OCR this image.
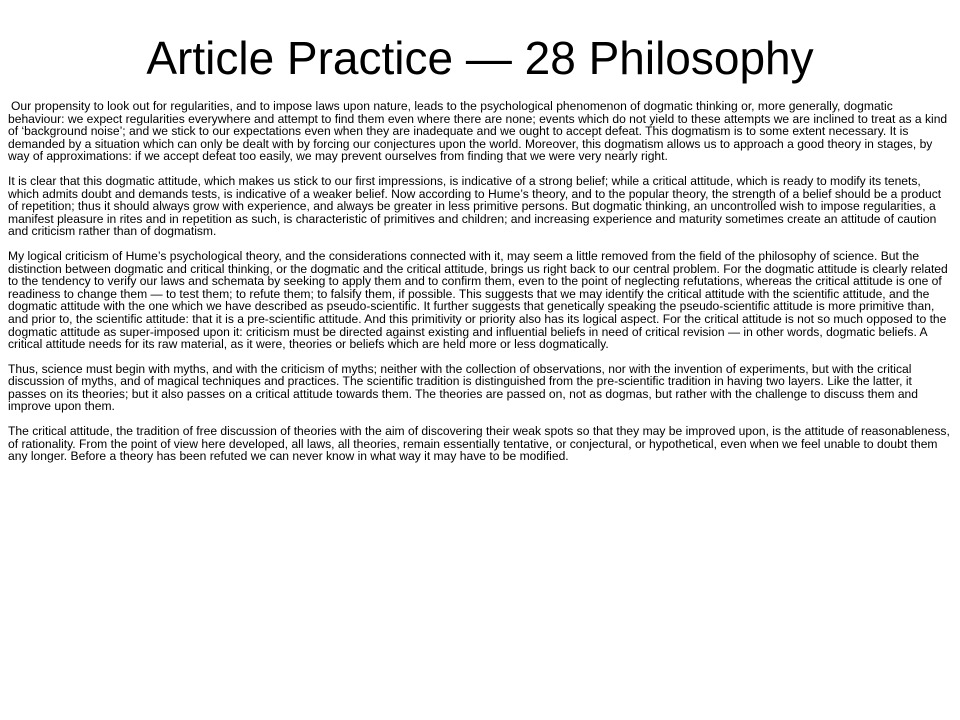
Article Practice — 28 Philosophy

Our propensity to look out for regularities, and to impose laws upon nature, leads to the psychological phenomenon of dogmatic thinking or, more generally, dogmatic behaviour: we expect regularities everywhere and attempt to find them even where there are none; events which do not yield to these attempts we are inclined to treat as a kind of ‘background noise’; and we stick to our expectations even when they are inadequate and we ought to accept defeat. This dogmatism is to some extent necessary. It is demanded by a situation which can only be dealt with by forcing our conjectures upon the world. Moreover, this dogmatism allows us to approach a good theory in stages, by way of approximations: if we accept defeat too easily, we may prevent ourselves from finding that we were very nearly right.

It is clear that this dogmatic attitude, which makes us stick to our first impressions, is indicative of a strong belief; while a critical attitude, which is ready to modify its tenets, which admits doubt and demands tests, is indicative of a weaker belief. Now according to Hume’s theory, and to the popular theory, the strength of a belief should be a product of repetition; thus it should always grow with experience, and always be greater in less primitive persons. But dogmatic thinking, an uncontrolled wish to impose regularities, a manifest pleasure in rites and in repetition as such, is characteristic of primitives and children; and increasing experience and maturity sometimes create an attitude of caution and criticism rather than of dogmatism.

My logical criticism of Hume’s psychological theory, and the considerations connected with it, may seem a little removed from the field of the philosophy of science. But the distinction between dogmatic and critical thinking, or the dogmatic and the critical attitude, brings us right back to our central problem. For the dogmatic attitude is clearly related to the tendency to verify our laws and schemata by seeking to apply them and to confirm them, even to the point of neglecting refutations, whereas the critical attitude is one of readiness to change them — to test them; to refute them; to falsify them, if possible. This suggests that we may identify the critical attitude with the scientific attitude, and the dogmatic attitude with the one which we have described as pseudo-scientific. It further suggests that genetically speaking the pseudo-scientific attitude is more primitive than, and prior to, the scientific attitude: that it is a pre-scientific attitude. And this primitivity or priority also has its logical aspect. For the critical attitude is not so much opposed to the dogmatic attitude as super-imposed upon it: criticism must be directed against existing and influential beliefs in need of critical revision — in other words, dogmatic beliefs. A critical attitude needs for its raw material, as it were, theories or beliefs which are held more or less dogmatically.

Thus, science must begin with myths, and with the criticism of myths; neither with the collection of observations, nor with the invention of experiments, but with the critical discussion of myths, and of magical techniques and practices. The scientific tradition is distinguished from the pre-scientific tradition in having two layers. Like the latter, it passes on its theories; but it also passes on a critical attitude towards them. The theories are passed on, not as dogmas, but rather with the challenge to discuss them and improve upon them.

The critical attitude, the tradition of free discussion of theories with the aim of discovering their weak spots so that they may be improved upon, is the attitude of reasonableness, of rationality. From the point of view here developed, all laws, all theories, remain essentially tentative, or conjectural, or hypothetical, even when we feel unable to doubt them any longer. Before a theory has been refuted we can never know in what way it may have to be modified.
